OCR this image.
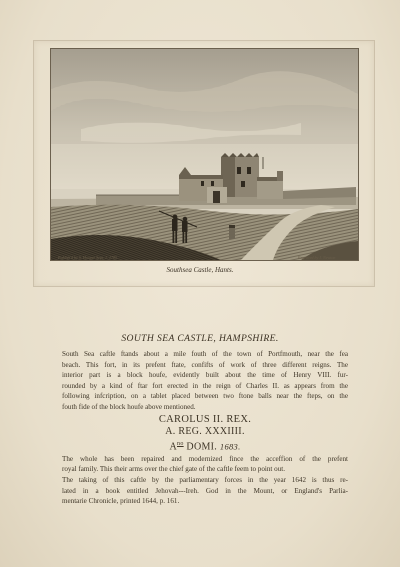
Publish'd by S. Hooper Sept. 1. 1785.	Engraved by J. Newton
Southsea Castle, Hants.
SOUTH SEA CASTLE, HAMPSHIRE.
South Sea caftle ftands about a mile fouth of the town of Portfmouth, near the fea
beach. This fort, in its prefent ftate, confifts of work of three different reigns. The
interior part is a block houfe, evidently built about the time of Henry VIII. fur-
rounded by a kind of ftar fort erected in the reign of Charles II. as appears from the
following infcription, on a tablet placed between two ftone balls near the fteps, on the
fouth fide of the block houfe above mentioned.
CAROLUS II. REX.
A. REG. XXXIIII.
$A^{no}$ DOMI. 1683.
The whole has been repaired and modernized fince the acceffion of the prefent
royal family. This their arms over the chief gate of the caftle feem to point out.
The taking of this caftle by the parliamentary forces in the year 1642 is thus re-
lated in a book entitled Jehovah---Ireh. God in the Mount, or England's Parlia-
mentarie Chronicle, printed 1644, p. 161.
